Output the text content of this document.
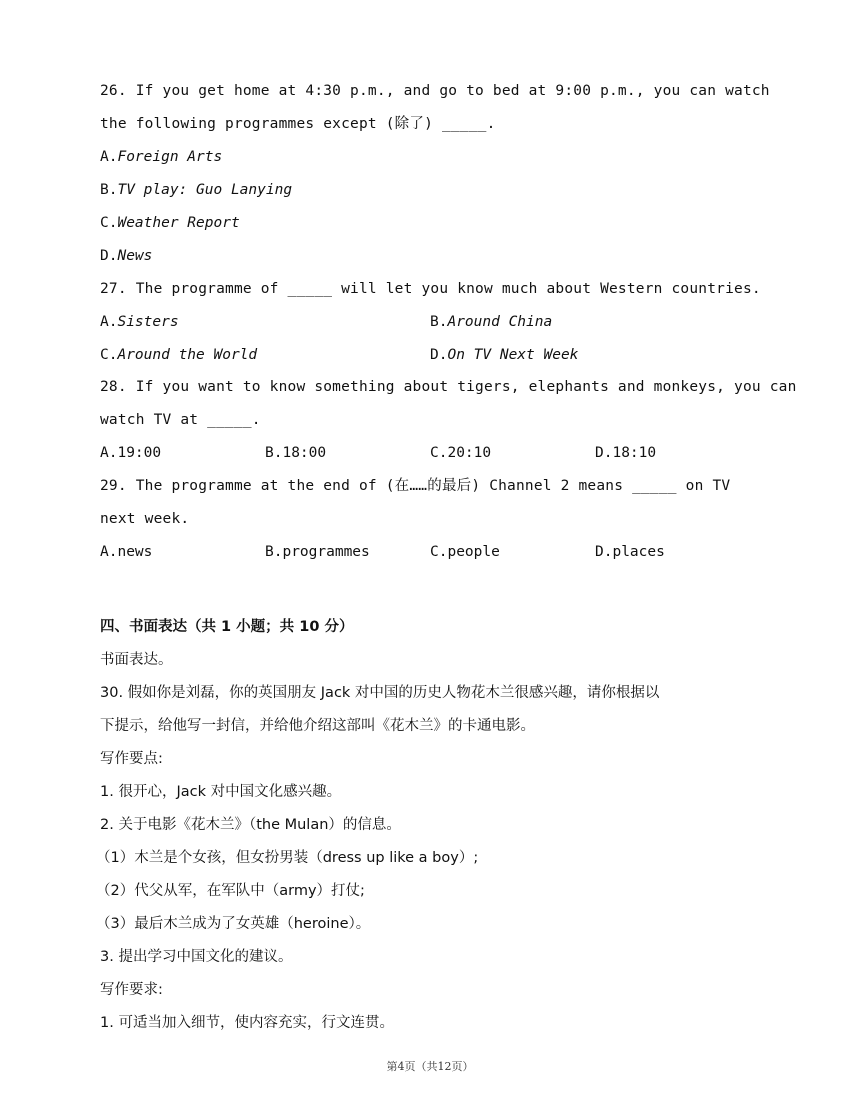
26. If you get home at 4:30 p.m., and go to bed at 9:00 p.m., you can watch
the following programmes except (除了) _____.
A.Foreign Arts
B.TV play: Guo Lanying
C.Weather Report
D.News
27. The programme of _____ will let you know much about Western countries.
A.Sisters	B.Around China
C.Around the World	D.On TV Next Week
28. If you want to know something about tigers, elephants and monkeys, you can
watch TV at _____.
A.19:00	B.18:00	C.20:10	D.18:10
29. The programme at the end of (在……的最后) Channel 2 means _____ on TV
next week.
A.news	B.programmes	C.people	D.places
四、书面表达（共 1 小题；共 10 分）
书面表达。
30. 假如你是刘磊，你的英国朋友 Jack 对中国的历史人物花木兰很感兴趣，请你根据以
下提示，给他写一封信，并给他介绍这部叫《花木兰》的卡通电影。
写作要点:
1. 很开心，Jack 对中国文化感兴趣。
2. 关于电影《花木兰》（the Mulan）的信息。
（1）木兰是个女孩，但女扮男装（dress up like a boy）;
（2）代父从军，在军队中（army）打仗;
（3）最后木兰成为了女英雄（heroine）。
3. 提出学习中国文化的建议。
写作要求:
1. 可适当加入细节，使内容充实，行文连贯。
第4页（共12页）
